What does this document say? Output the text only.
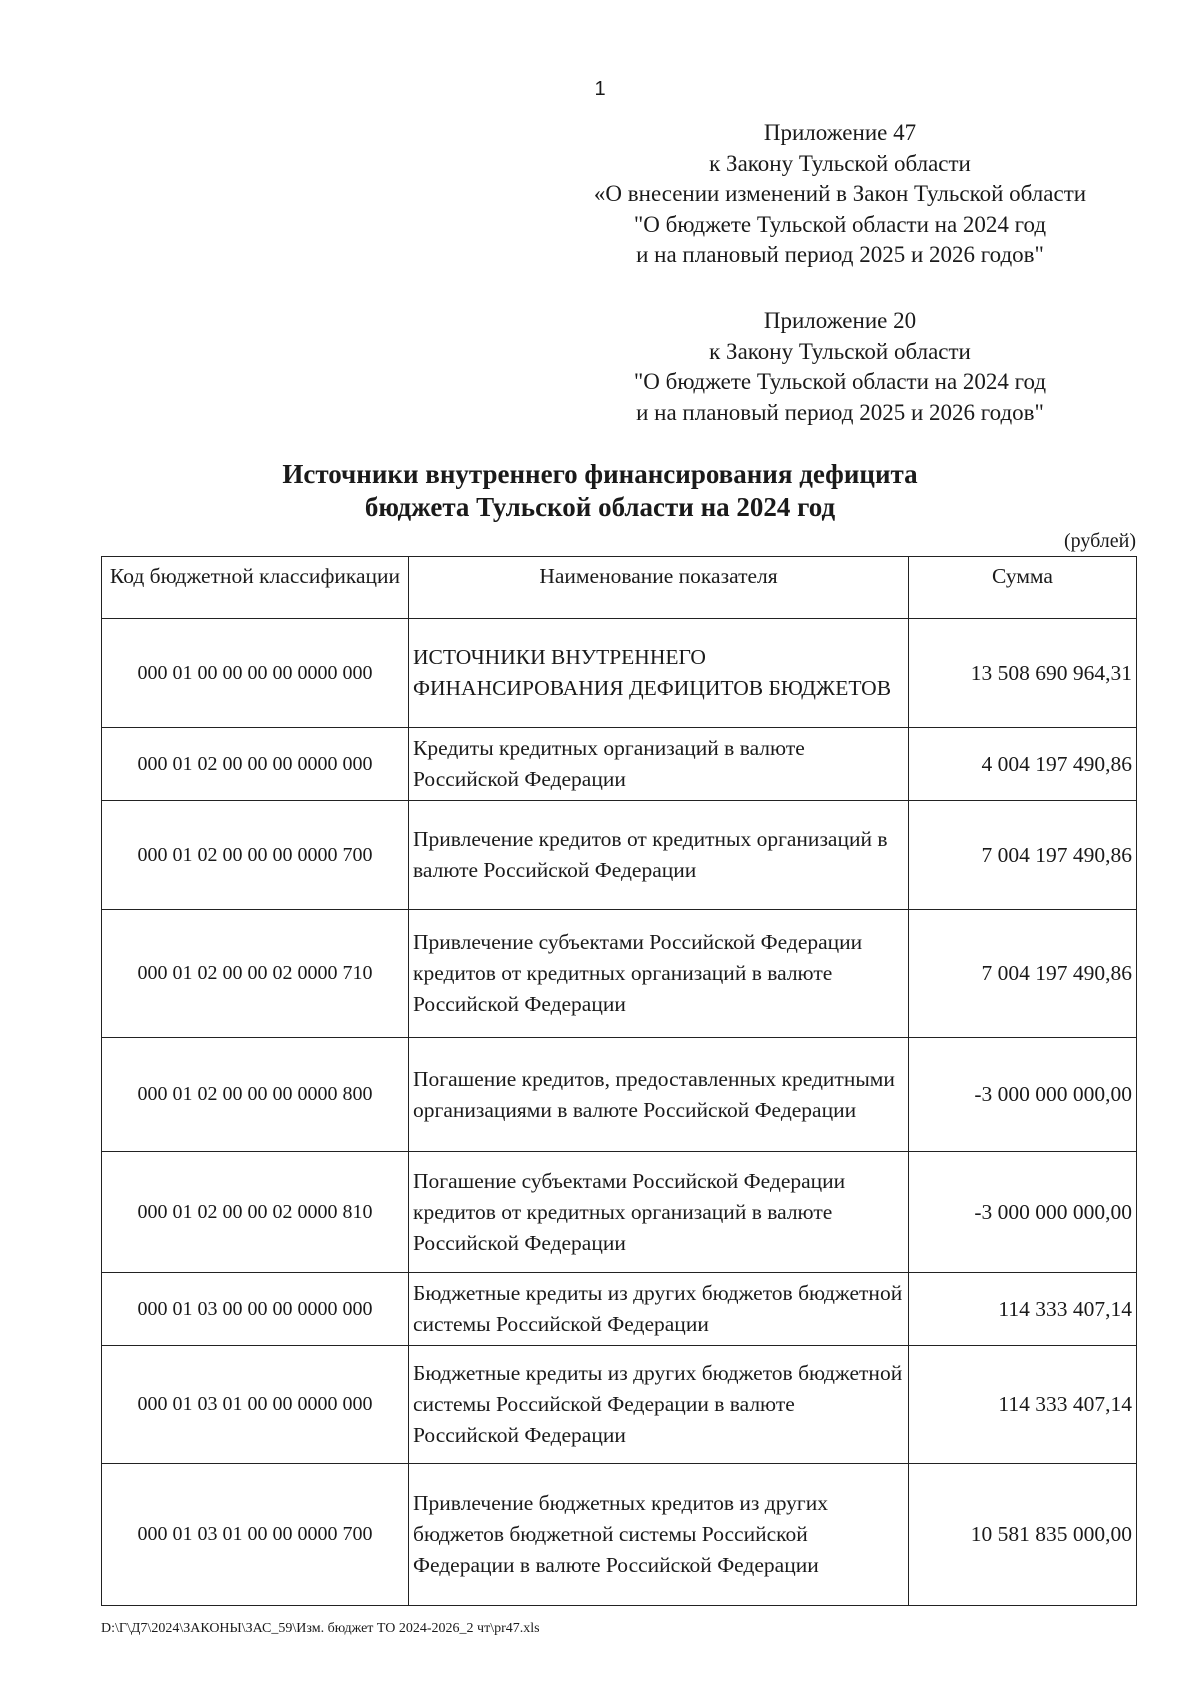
1
Приложение 47
к Закону Тульской области
«О внесении изменений в Закон Тульской области
"О бюджете Тульской области на 2024 год
и на плановый период 2025 и 2026 годов"
Приложение 20
к Закону Тульской области
"О бюджете Тульской области на 2024 год
и на плановый период 2025 и 2026 годов"
Источники внутреннего финансирования дефицита
бюджета Тульской области на 2024 год
(рублей)
Код бюджетной классификации	Наименование показателя	Сумма
000 01 00 00 00 00 0000 000	ИСТОЧНИКИ ВНУТРЕННЕГО ФИНАНСИРОВАНИЯ ДЕФИЦИТОВ БЮДЖЕТОВ	13 508 690 964,31
000 01 02 00 00 00 0000 000	Кредиты кредитных организаций в валюте Российской Федерации	4 004 197 490,86
000 01 02 00 00 00 0000 700	Привлечение кредитов от кредитных организаций в валюте Российской Федерации	7 004 197 490,86
000 01 02 00 00 02 0000 710	Привлечение субъектами Российской Федерации кредитов от кредитных организаций в валюте Российской Федерации	7 004 197 490,86
000 01 02 00 00 00 0000 800	Погашение кредитов, предоставленных кредитными организациями в валюте Российской Федерации	-3 000 000 000,00
000 01 02 00 00 02 0000 810	Погашение субъектами Российской Федерации кредитов от кредитных организаций в валюте Российской Федерации	-3 000 000 000,00
000 01 03 00 00 00 0000 000	Бюджетные кредиты из других бюджетов бюджетной системы Российской Федерации	114 333 407,14
000 01 03 01 00 00 0000 000	Бюджетные кредиты из других бюджетов бюджетной системы Российской Федерации в валюте Российской Федерации	114 333 407,14
000 01 03 01 00 00 0000 700	Привлечение бюджетных кредитов из других бюджетов бюджетной системы Российской Федерации в валюте Российской Федерации	10 581 835 000,00
D:\Г\Д7\2024\ЗАКОНЫ\ЗАС_59\Изм. бюджет ТО 2024-2026_2 чт\pr47.xls
